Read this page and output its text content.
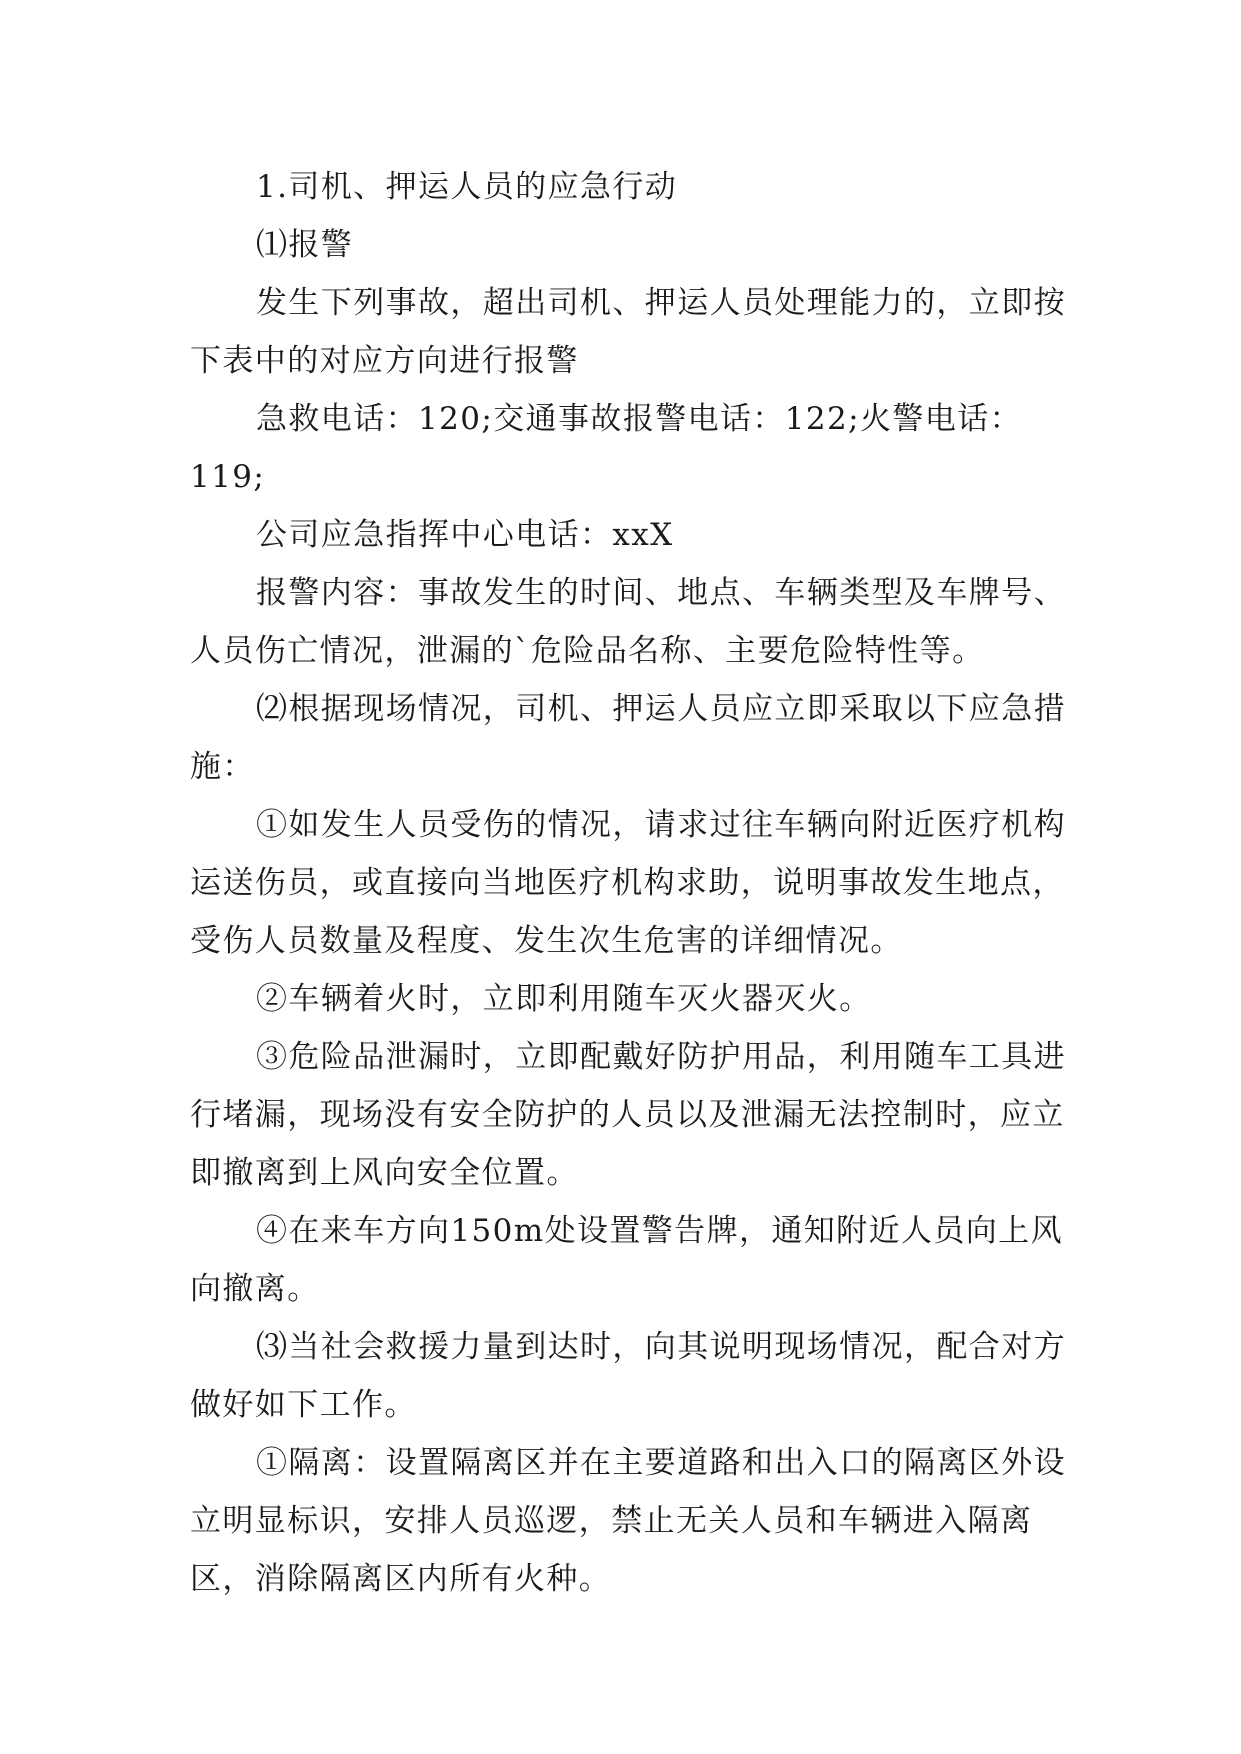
1.司机、押运人员的应急行动

⑴报警

发生下列事故，超出司机、押运人员处理能力的，立即按下表中的对应方向进行报警

急救电话：120;交通事故报警电话：122;火警电话：119;

公司应急指挥中心电话：xxX

报警内容：事故发生的时间、地点、车辆类型及车牌号、人员伤亡情况，泄漏的`危险品名称、主要危险特性等。

⑵根据现场情况，司机、押运人员应立即采取以下应急措施：

①如发生人员受伤的情况，请求过往车辆向附近医疗机构运送伤员，或直接向当地医疗机构求助，说明事故发生地点，受伤人员数量及程度、发生次生危害的详细情况。

②车辆着火时，立即利用随车灭火器灭火。

③危险品泄漏时，立即配戴好防护用品，利用随车工具进行堵漏，现场没有安全防护的人员以及泄漏无法控制时，应立即撤离到上风向安全位置。

④在来车方向150m处设置警告牌，通知附近人员向上风向撤离。

⑶当社会救援力量到达时，向其说明现场情况，配合对方做好如下工作。

①隔离：设置隔离区并在主要道路和出入口的隔离区外设立明显标识，安排人员巡逻，禁止无关人员和车辆进入隔离区，消除隔离区内所有火种。
